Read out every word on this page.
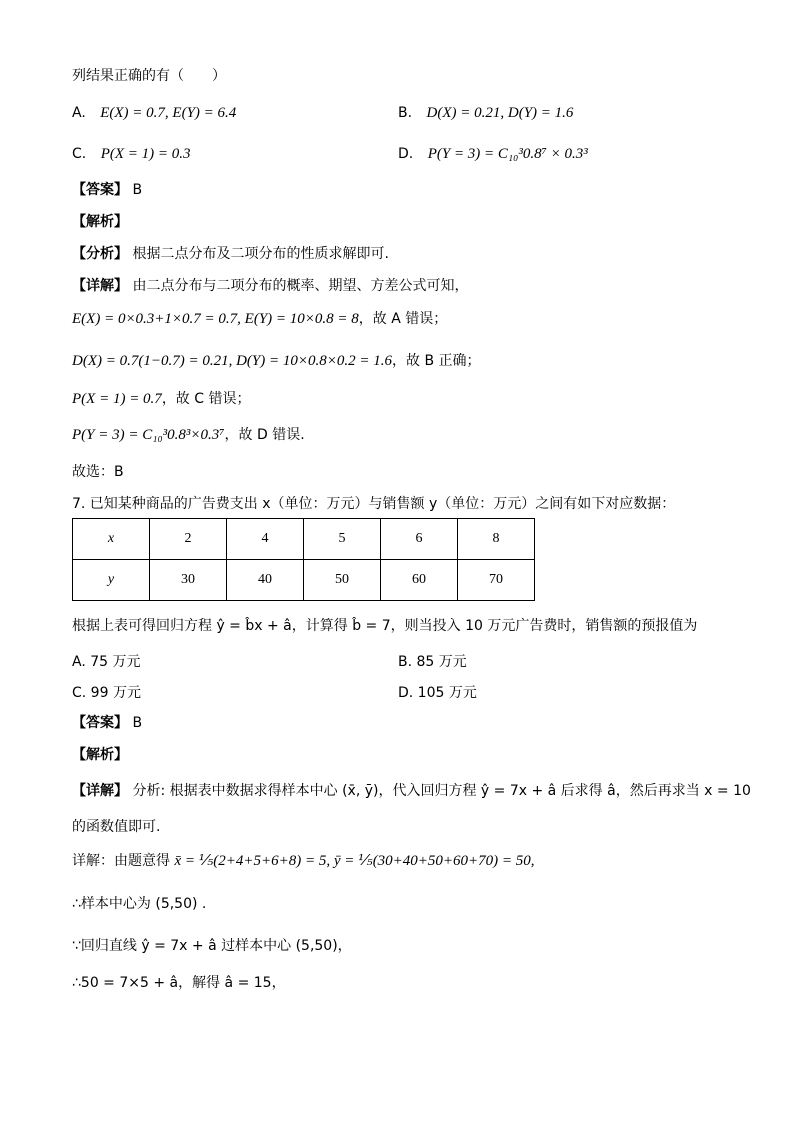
列结果正确的有（　　）
A. E(X) = 0.7, E(Y) = 6.4	B. D(X) = 0.21, D(Y) = 1.6
C. P(X = 1) = 0.3	D. P(Y = 3) = C₁₀³0.8⁷ × 0.3³
【答案】 B
【解析】
【分析】 根据二点分布及二项分布的性质求解即可.
【详解】 由二点分布与二项分布的概率、期望、方差公式可知，
E(X) = 0×0.3+1×0.7 = 0.7, E(Y) = 10×0.8 = 8，故 A 错误；
D(X) = 0.7(1−0.7) = 0.21, D(Y) = 10×0.8×0.2 = 1.6，故 B 正确；
P(X = 1) = 0.7，故 C 错误；
P(Y = 3) = C₁₀³0.8³×0.3⁷，故 D 错误.
故选：B
7. 已知某种商品的广告费支出 x（单位：万元）与销售额 y（单位：万元）之间有如下对应数据：
x	2	4	5	6	8
y	30	40	50	60	70
根据上表可得回归方程 ŷ = b̂x + â，计算得 b̂ = 7，则当投入 10 万元广告费时，销售额的预报值为
A. 75 万元	B. 85 万元
C. 99 万元	D. 105 万元
【答案】 B
【解析】
【详解】 分析: 根据表中数据求得样本中心 (x̄, ȳ)，代入回归方程 ŷ = 7x + â 后求得 â，然后再求当 x = 10
的函数值即可.
详解：由题意得 x̄ = ⅕(2+4+5+6+8) = 5, ȳ = ⅕(30+40+50+60+70) = 50,
∴样本中心为 (5,50) .
∵回归直线 ŷ = 7x + â 过样本中心 (5,50)，
∴50 = 7×5 + â，解得 â = 15，
